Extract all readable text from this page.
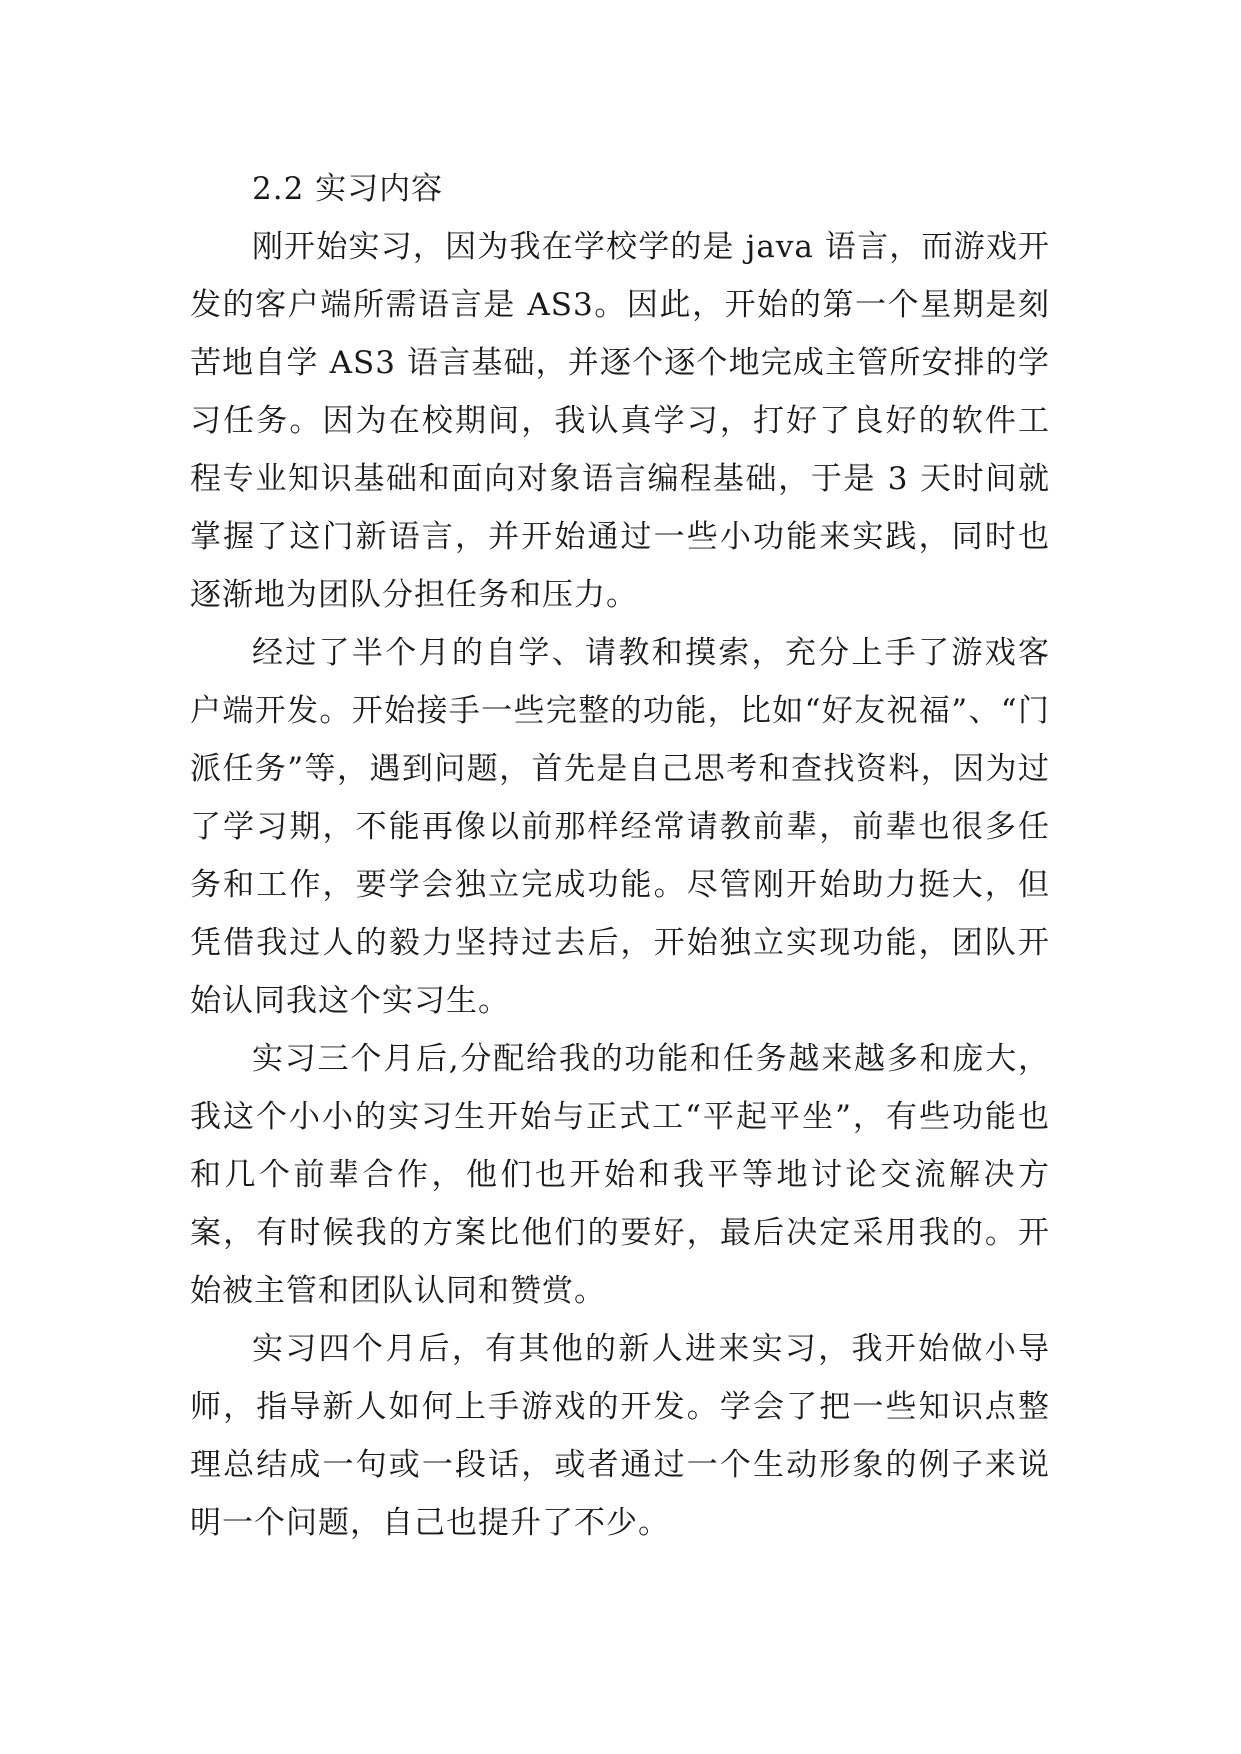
2.2 实习内容

刚开始实习，因为我在学校学的是 java 语言，而游戏开发的客户端所需语言是 AS3。因此，开始的第一个星期是刻苦地自学 AS3 语言基础，并逐个逐个地完成主管所安排的学习任务。因为在校期间，我认真学习，打好了良好的软件工程专业知识基础和面向对象语言编程基础，于是 3 天时间就掌握了这门新语言，并开始通过一些小功能来实践，同时也逐渐地为团队分担任务和压力。

经过了半个月的自学、请教和摸索，充分上手了游戏客户端开发。开始接手一些完整的功能，比如“好友祝福”、“门派任务”等，遇到问题，首先是自己思考和查找资料，因为过了学习期，不能再像以前那样经常请教前辈，前辈也很多任务和工作，要学会独立完成功能。尽管刚开始助力挺大，但凭借我过人的毅力坚持过去后，开始独立实现功能，团队开始认同我这个实习生。

实习三个月后,分配给我的功能和任务越来越多和庞大，我这个小小的实习生开始与正式工“平起平坐”，有些功能也和几个前辈合作，他们也开始和我平等地讨论交流解决方案，有时候我的方案比他们的要好，最后决定采用我的。开始被主管和团队认同和赞赏。

实习四个月后，有其他的新人进来实习，我开始做小导师，指导新人如何上手游戏的开发。学会了把一些知识点整理总结成一句或一段话，或者通过一个生动形象的例子来说明一个问题，自己也提升了不少。
